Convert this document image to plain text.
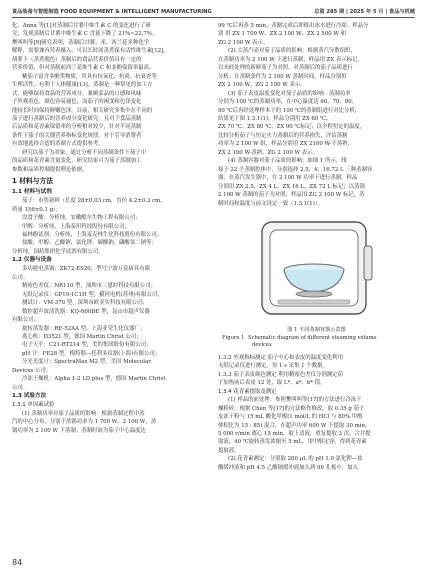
食品装备与智能制造 FOOD EQUIPMENT & INTELLIGENT MANUFACTURING	总第 285 期 | 2025 年 5 月 | 食品与机械
化。Anna 等[1]对蒸制后甘薯中维生素 C 的变化进行了研
究，发现蒸制后甘薯中维生素 C 含量下降了 21%~22.7%。
樊叫叫等[9]研究表明，蒸制后甘薯、米、西兰花多种化学
解释，需要兼容营养摄入，可以长时间蒸煮保有活性维生素[12]，
胡萝卜（蒸煮脱色）蒸制后的食品营养价值具有一定的
营养价值，但对蒸制前西兰花维生素 C 和多酚保留率最高。
紫茄子富含多酚类物质，其具有抗氧化、抗炎、抗衰老等
生理活性，有利于人体健康[13]。蒸制是一种常见的加工方
式，能够保持食品的营养成分，兼顾菜品的口感和风味
子外观着色，颜色容易褪色，而茄子的褐变和色泽变化
能较长时间保持鲜嫩色泽。目前，相关研究多集中在不同的
茄子进行蒸制后的营养成分变化研究，且对于食品蒸制
后品质和花青素保留率的分析相对较少，针对不同蒸制
条件下茄子的关键营养指标变化规律，对于引导消费者
有效地选择合适的蒸制方式提供参考。
研究以茄子为对象，通过分析不同蒸制条件下茄子中
的品质和花青素含量变化，研究结果可为茄子蒸制加工
参数和品质控制提供理论依据。
1 材料与方法
1.1 材料与试剂
茄子：市售新鲜（长度 28±0.03 cm，直径 4.2±0.3 cm，
质量 156±0.1 g）；
没食子酸：分析纯，安徽酷尔生物工程有限公司；
甲醇：分析纯，上海泰坦科技股份有限公司；
福林酚试剂：分析纯，上海麦克林生化科技股份有限公司；
盐酸、甲醇、乙酸钠、氯化钾、碳酸钠、磷酸氢二钠等：
分析纯，国药集团化学试剂有限公司。
1.2 仪器与设备
多功能电蒸锅：ZK72-ES20，型号宁波万众厨具有限
公司；
精密色差仪：NR110 型，深圳市三恩时科技有限公司；
无纸记录仪：GP10-1C1H 型，横河电机(苏州)有限公司；
测试计：VM-370 型，深圳市欧亚实科技有限公司；
数控超声波清洗器：KQ-600DE 型，昆山市超声仪器
有限公司；
旋转蒸发器：RE-52AA 型，上海亚荣生化仪器厂；
离心机：D3521 型，德国 Martin Christ 公司；
电子天平：C21-RT214 型，美的集团股份有限公司；
pH 计：FE28 型，梅特勒—托利多仪器(上海)有限公司；
分光光度计：SpectraMax M2 型，美国 Molecular
Devices 公司；
冷冻干燥机：Alpha 1-2 LD plus 型，德国 Martin Christ
公司。
1.3 试验方法
1.3.1 单因素试验
(1) 蒸制功率对茄子品质的影响：根据蒸制过程中蒸
汽的中心分布，分别于蒸锅功率为 1 700 W、2 100 W，蒸
锅功率为 2 100 W 下蒸制；蒸制时间为茄子中心温度达
99 ℃后再蒸 5 min；蒸制完成后即移出冰水进行冷却。样品分
别 用 ZX 1 700 W、ZX 2 100 W、ZX 2 500 W 和
ZG 2 100 W 表示。
(2) 大蒸汽壶对茄子品质的影响：根据蒸汽分散组织，
在蒸制功率为 2 100 W 下进行蒸制，样品用 ZX 表示标记。
以未经处理的新鲜茄子为对照，对蒸制后的茄子品质进行
分析；在蒸制条件为 2 100 W 蒸制时间，样品分别用
ZX 2 100 W、ZG 2 100 W 表示。
(3) 茄子表皮温度变化对茄子品质的影响：蒸制功率
分别为 100 ℃的蒸制功率，在中心温度达 60、70、80、
90 ℃后再经处理样本下的 100 ℃的蒸制组进行对比分析，
结果见下图 1.3.1(1)，样品分别用 ZX 60 ℃、
ZX 70 ℃、ZX 80 ℃、ZX 90 ℃标记；以全程恒定的温度，
比较分析茄子与恒定火力蒸制后的营养损失，评估蒸制
功率为 2 100 W 组，样品分别用 ZX 2100 W-不蒸熟、
ZX 2 100 W-蒸熟、ZG 2 100 W 表示。
(4) 蒸制容器对茄子品质的影响：如图 1 所示，线
接于 22 个蒸制腔体中，分别选择 2.5、4、16.72 L 三种蒸制容
器，在蒸汽发生器中，在 2 100 W 功率下进行蒸制，样品
分别用 ZX 2.5、ZX 4 L、ZX 16 L、ZX 72 L 标记；以蒸锅
2 100 W 蒸制的茄子为对照，样品用 ZG 2 100 W 标记，蒸
制时间和温度与前文设定一致（1.3.1(1)）。
图 1 不同蒸制容器示意图
Figure 1 Schematic diagram of different steaming volume
devices
1.3.2 外观指标测定 茄子中心和表皮的温度变化利用
无纸记录仪进行测定，每 1 s 采集 1 个数据。
1.3.3 茄子表皮颜色测定 利用精密色差仪分别测定茄
子加热前后表皮 12 处，取 L*、a*、b* 值。
1.3.4 花青素提取及测定
(1) 样品的前处理：参照樊叫叫等[17]的方法进行冷冻干
燥粉碎，根据 Chen 等[17]的方法略作修改。取 0.35 g 茄子
皮冻干粉与 15 mL 酸化甲醇(1 mol/L 的 HCl 与 80% 甲醇
体积比为 15 : 85) 混合，在超声功率 600 W 下提取 30 min，
5 000 r/min 离心 15 min，取上清液，重复提取 3 次，合并提
取液，40 ℃旋转蒸发浓缩至 5 mL，用甲醇定容，得到花青素
提取液。
(2) 花青素测定：分别取 200 μL 的 pH 1.0 氯化钾—盐
酸缓冲液和 pH 4.5 乙酸钠缓冲液加入到 96 孔板中，加入
84
